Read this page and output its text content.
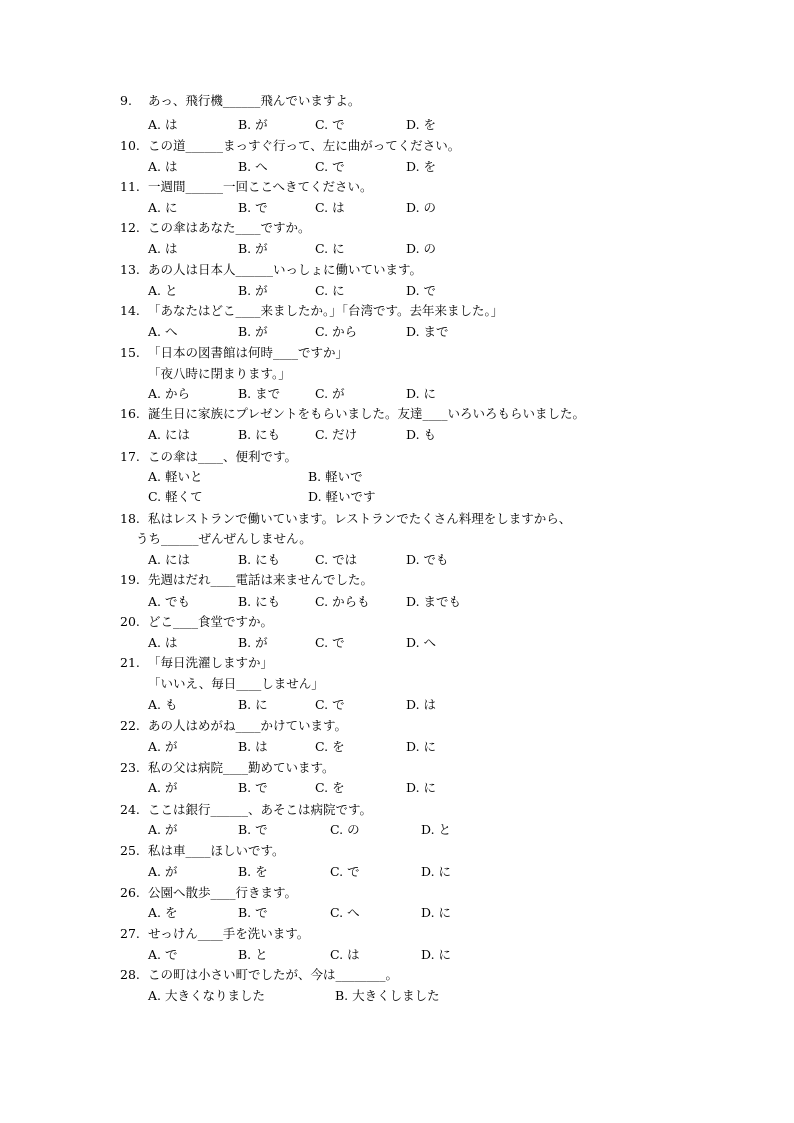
9. あっ、飛行機______飛んでいますよ。
A. は	B. が	C. で	D. を
10. この道______まっすぐ行って、左に曲がってください。
A. は	B. へ	C. で	D. を
11. 一週間______一回ここへきてください。
A. に	B. で	C. は	D. の
12. この傘はあなた____ですか。
A. は	B. が	C. に	D. の
13. あの人は日本人______いっしょに働いています。
A. と	B. が	C. に	D. で
14. 「あなたはどこ____来ましたか。」「台湾です。去年来ました。」
A. へ	B. が	C. から	D. まで
15. 「日本の図書館は何時____ですか」
「夜八時に閉まります。」
A. から	B. まで	C. が	D. に
16. 誕生日に家族にプレゼントをもらいました。友達____いろいろもらいました。
A. には	B. にも	C. だけ	D. も
17. この傘は____、便利です。
A. 軽いと	B. 軽いで
C. 軽くて	D. 軽いです
18. 私はレストランで働いています。レストランでたくさん料理をしますから、
うち______ぜんぜんしません。
A. には	B. にも	C. では	D. でも
19. 先週はだれ____電話は来ませんでした。
A. でも	B. にも	C. からも	D. までも
20. どこ____食堂ですか。
A. は	B. が	C. で	D. へ
21. 「毎日洗濯しますか」
「いいえ、毎日____しません」
A. も	B. に	C. で	D. は
22. あの人はめがね____かけています。
A. が	B. は	C. を	D. に
23. 私の父は病院____勤めています。
A. が	B. で	C. を	D. に
24. ここは銀行______、あそこは病院です。
A. が	B. で	C. の	D. と
25. 私は車____ほしいです。
A. が	B. を	C. で	D. に
26. 公園へ散歩____行きます。
A. を	B. で	C. へ	D. に
27. せっけん____手を洗います。
A. で	B. と	C. は	D. に
28. この町は小さい町でしたが、今は________。
A. 大きくなりました	B. 大きくしました
